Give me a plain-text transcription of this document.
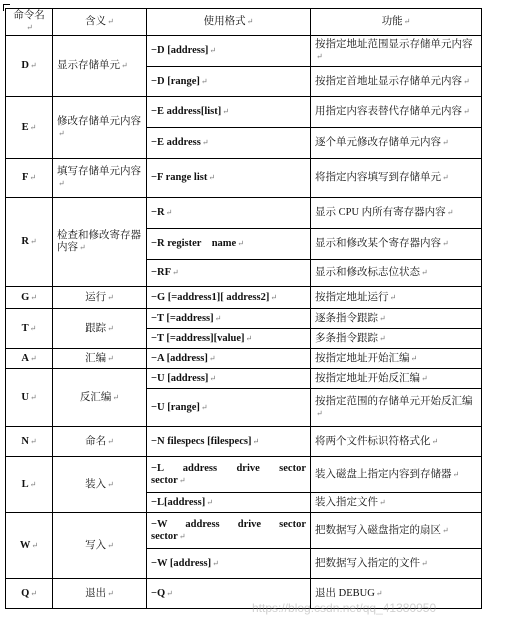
命令名↵	含义↵	使用格式↵	功能↵
D↵	显示存储单元↵	−D [address]↵	按指定地址范围显示存储单元内容↵
		−D [range]↵	按指定首地址显示存储单元内容↵
E↵	修改存储单元内容↵	−E address[list]↵	用指定内容表替代存储单元内容↵
		−E address↵	逐个单元修改存储单元内容↵
F↵	填写存储单元内容↵	−F range list↵	将指定内容填写到存储单元↵
R↵	检查和修改寄存器内容↵	−R↵	显示 CPU 内所有寄存器内容↵
		−R register    name↵	显示和修改某个寄存器内容↵
		−RF↵	显示和修改标志位状态↵
G↵	运行↵	−G [=address1][ address2]↵	按指定地址运行↵
T↵	跟踪↵	−T [=address]↵	逐条指令跟踪↵
		−T [=address][value]↵	多条指令跟踪↵
A↵	汇编↵	−A [address]↵	按指定地址开始汇编↵
U↵	反汇编↵	−U [address]↵	按指定地址开始反汇编↵
		−U [range]↵	按指定范围的存储单元开始反汇编↵
N↵	命名↵	−N filespecs [filespecs]↵	将两个文件标识符格式化↵
L↵	装入↵	−L address drive sector sector↵	装入磁盘上指定内容到存储器↵
		−L[address]↵	装入指定文件↵
W↵	写入↵	−W address drive sector sector↵	把数据写入磁盘指定的扇区↵
		−W [address]↵	把数据写入指定的文件↵
Q↵	退出↵	−Q↵	退出 DEBUG↵
https://blog.csdn.net/qq_41380950
